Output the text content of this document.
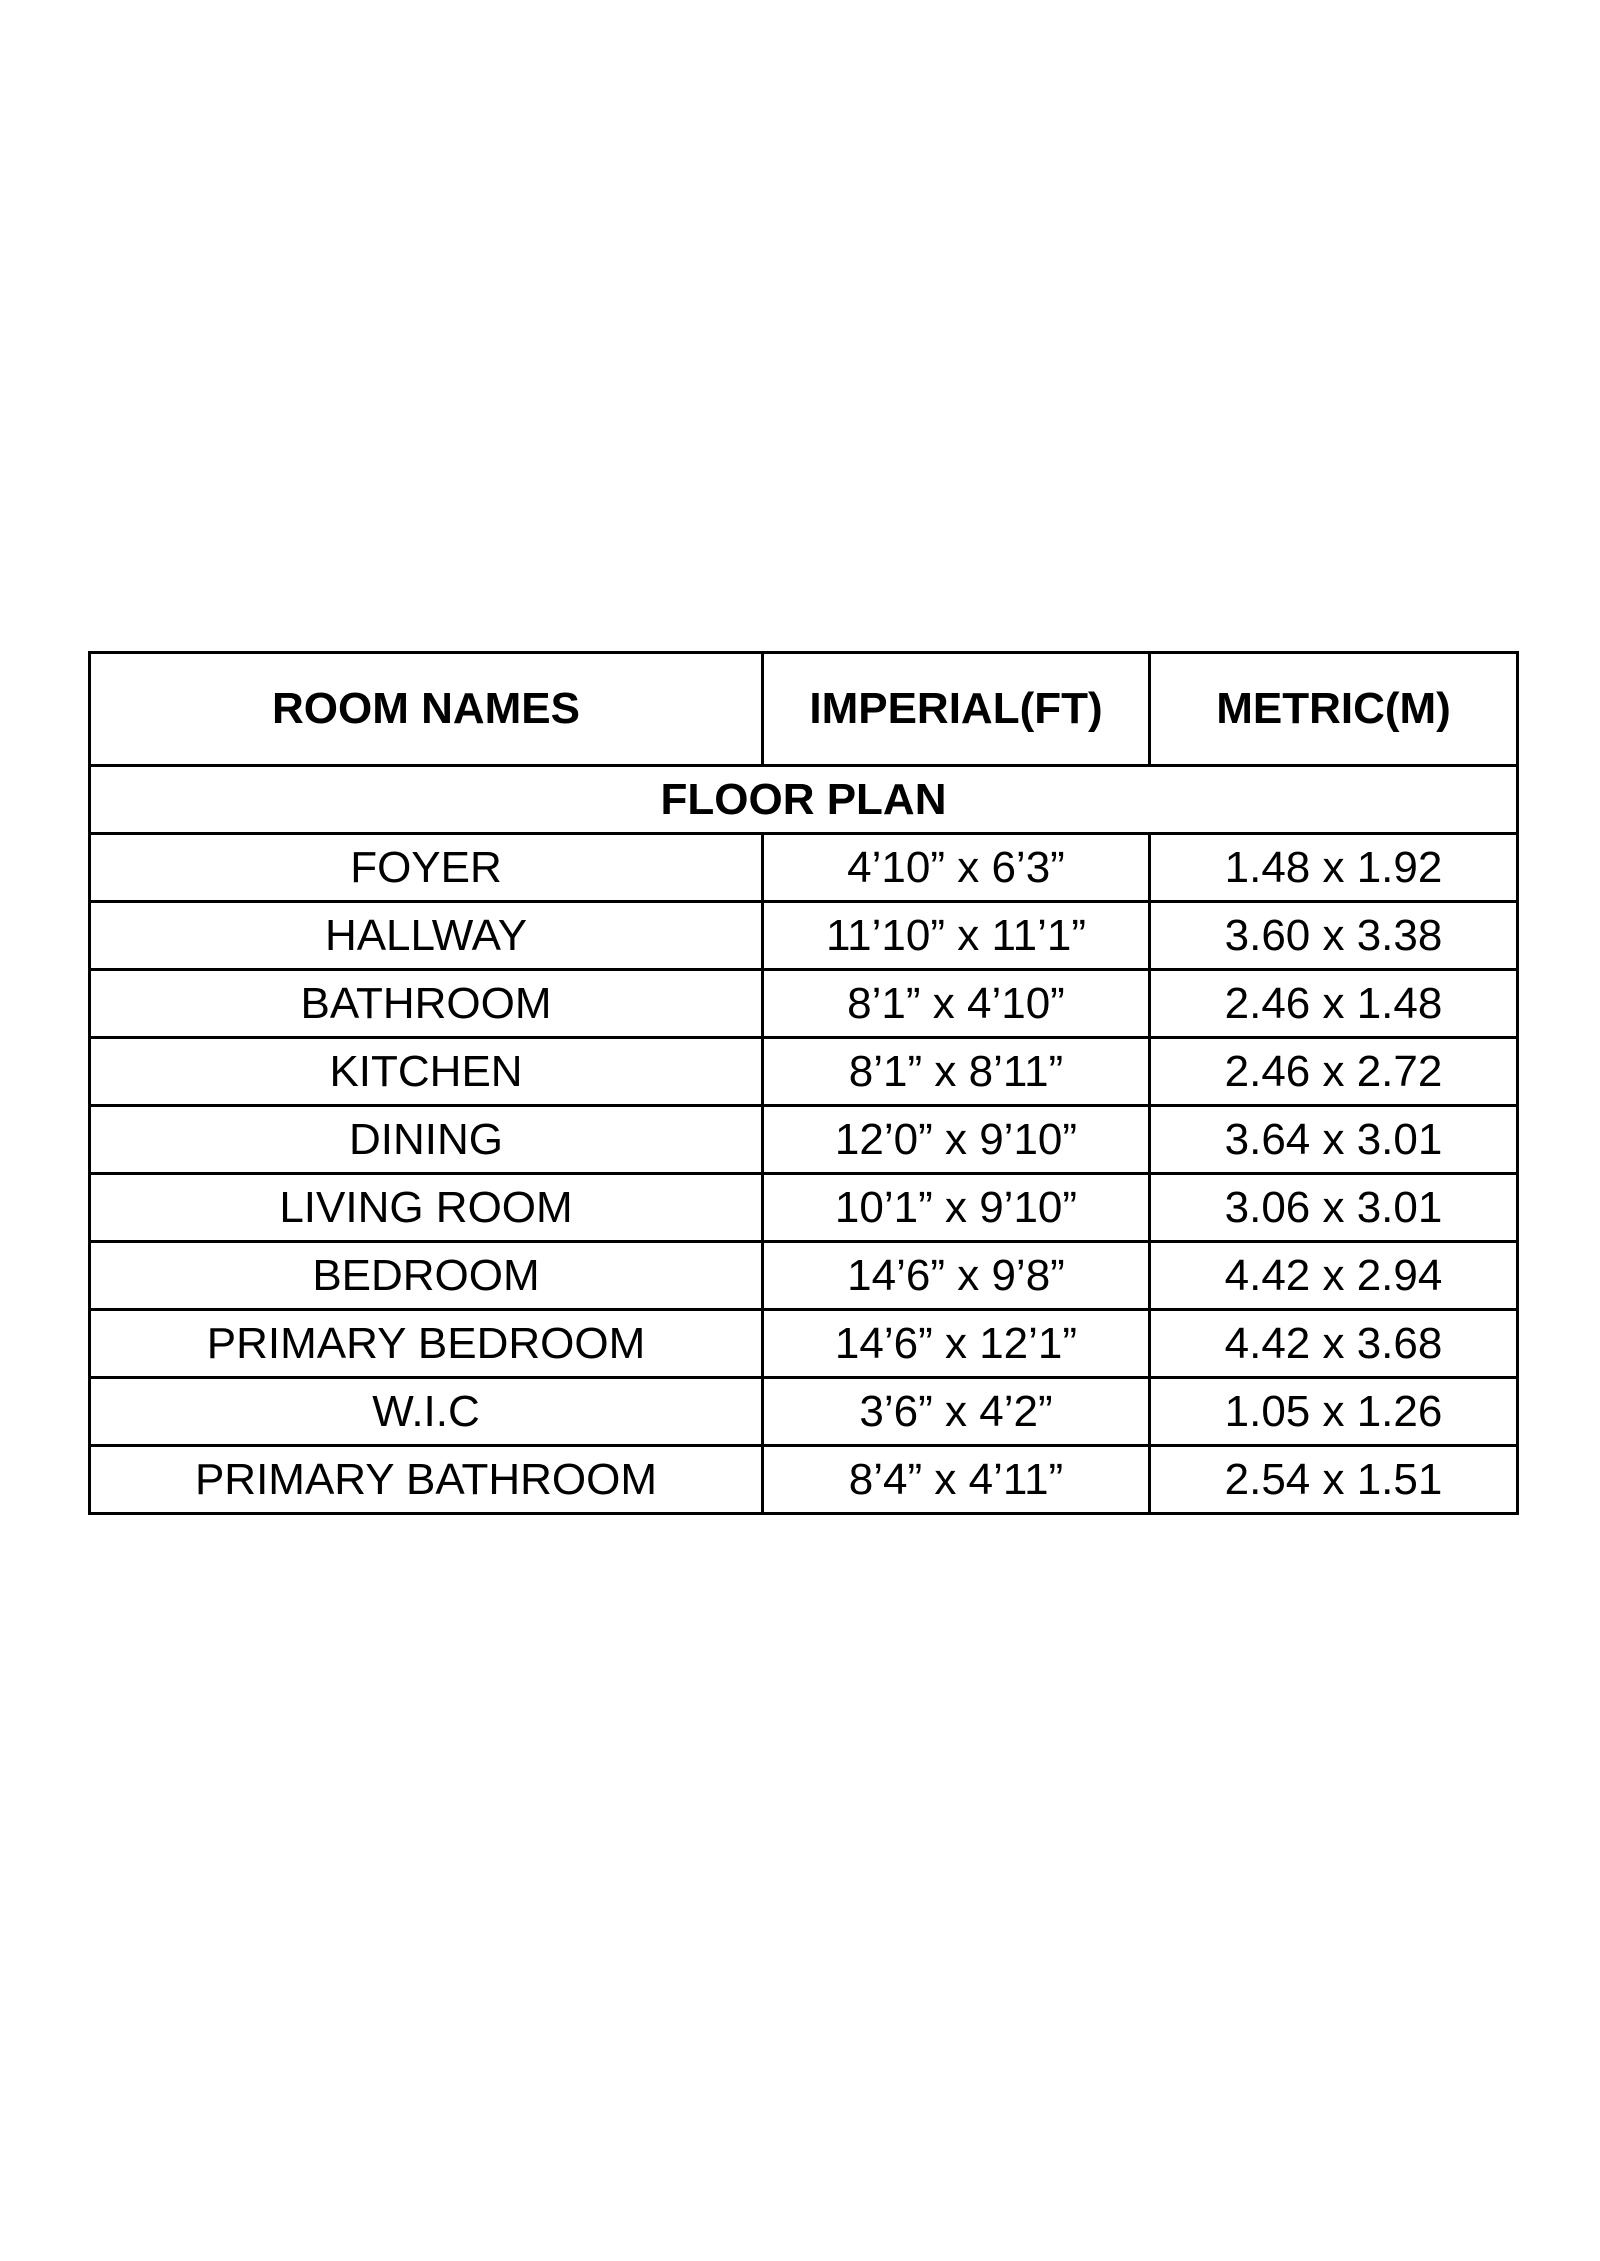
ROOM NAMES	IMPERIAL(FT)	METRIC(M)
FLOOR PLAN		
FOYER	4’10” x 6’3”	1.48 x 1.92
HALLWAY	11’10” x 11’1”	3.60 x 3.38
BATHROOM	8’1” x 4’10”	2.46 x 1.48
KITCHEN	8’1” x 8’11”	2.46 x 2.72
DINING	12’0” x 9’10”	3.64 x 3.01
LIVING ROOM	10’1” x 9’10”	3.06 x 3.01
BEDROOM	14’6” x 9’8”	4.42 x 2.94
PRIMARY BEDROOM	14’6” x 12’1”	4.42 x 3.68
W.I.C	3’6” x 4’2”	1.05 x 1.26
PRIMARY BATHROOM	8’4” x 4’11”	2.54 x 1.51
